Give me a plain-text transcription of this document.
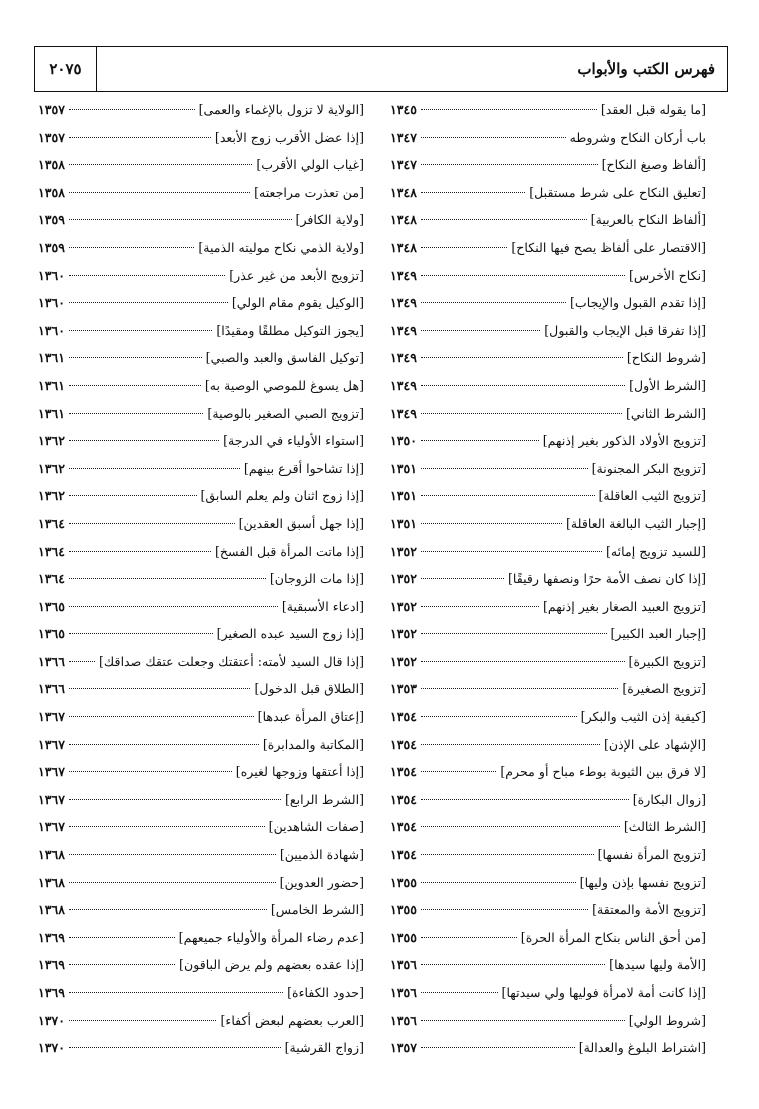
٢٠٧٥	فهرس الكتب والأبواب
[ما يقوله قبل العقد]
١٣٤٥
باب أركان النكاح وشروطه
١٣٤٧
[ألفاظ وصيغ النكاح]
١٣٤٧
[تعليق النكاح على شرط مستقبل]
١٣٤٨
[ألفاظ النكاح بالعربية]
١٣٤٨
[الاقتصار على ألفاظ يصح فيها النكاح]
١٣٤٨
[نكاح الأخرس]
١٣٤٩
[إذا تقدم القبول والإيجاب]
١٣٤٩
[إذا تفرقا قبل الإيجاب والقبول]
١٣٤٩
[شروط النكاح]
١٣٤٩
[الشرط الأول]
١٣٤٩
[الشرط الثاني]
١٣٤٩
[تزويج الأولاد الذكور بغير إذنهم]
١٣٥٠
[تزويج البكر المجنونة]
١٣٥١
[تزويج الثيب العاقلة]
١٣٥١
[إجبار الثيب البالغة العاقلة]
١٣٥١
[للسيد تزويج إمائه]
١٣٥٢
[إذا كان نصف الأمة حرًا ونصفها رقيقًا]
١٣٥٢
[تزويج العبيد الصغار بغير إذنهم]
١٣٥٢
[إجبار العبد الكبير]
١٣٥٢
[تزويج الكبيرة]
١٣٥٢
[تزويج الصغيرة]
١٣٥٣
[كيفية إذن الثيب والبكر]
١٣٥٤
[الإشهاد على الإذن]
١٣٥٤
[لا فرق بين الثيوبة بوطء مباح أو محرم]
١٣٥٤
[زوال البكارة]
١٣٥٤
[الشرط الثالث]
١٣٥٤
[تزويج المرأة نفسها]
١٣٥٤
[تزويج نفسها بإذن وليها]
١٣٥٥
[تزويج الأمة والمعتقة]
١٣٥٥
[من أحق الناس بنكاح المرأة الحرة]
١٣٥٥
[الأمة وليها سيدها]
١٣٥٦
[إذا كانت أمة لامرأة فوليها ولي سيدتها]
١٣٥٦
[شروط الولي]
١٣٥٦
[اشتراط البلوغ والعدالة]
١٣٥٧
[الولاية لا تزول بالإغماء والعمى]
١٣٥٧
[إذا عضل الأقرب زوج الأبعد]
١٣٥٧
[غياب الولي الأقرب]
١٣٥٨
[من تعذرت مراجعته]
١٣٥٨
[ولاية الكافر]
١٣٥٩
[ولاية الذمي نكاح موليته الذمية]
١٣٥٩
[تزويج الأبعد من غير عذر]
١٣٦٠
[الوكيل يقوم مقام الولي]
١٣٦٠
[يجوز التوكيل مطلقًا ومقيدًا]
١٣٦٠
[توكيل الفاسق والعبد والصبي]
١٣٦١
[هل يسوغ للموصي الوصية به]
١٣٦١
[تزويج الصبي الصغير بالوصية]
١٣٦١
[استواء الأولياء في الدرجة]
١٣٦٢
[إذا تشاحوا أقرع بينهم]
١٣٦٢
[إذا زوج اثنان ولم يعلم السابق]
١٣٦٢
[إذا جهل أسبق العقدين]
١٣٦٤
[إذا ماتت المرأة قبل الفسخ]
١٣٦٤
[إذا مات الزوجان]
١٣٦٤
[ادعاء الأسبقية]
١٣٦٥
[إذا زوج السيد عبده الصغير]
١٣٦٥
[إذا قال السيد لأمته: أعتقتك وجعلت عتقك صداقك]
١٣٦٦
[الطلاق قبل الدخول]
١٣٦٦
[إعتاق المرأة عبدها]
١٣٦٧
[المكاتبة والمدابرة]
١٣٦٧
[إذا أعتقها وزوجها لغيره]
١٣٦٧
[الشرط الرابع]
١٣٦٧
[صفات الشاهدين]
١٣٦٧
[شهادة الذميين]
١٣٦٨
[حضور العدوين]
١٣٦٨
[الشرط الخامس]
١٣٦٨
[عدم رضاء المرأة والأولياء جميعهم]
١٣٦٩
[إذا عقده بعضهم ولم يرض الباقون]
١٣٦٩
[حدود الكفاءة]
١٣٦٩
[العرب بعضهم لبعض أكفاء]
١٣٧٠
[زواج القرشية]
١٣٧٠
